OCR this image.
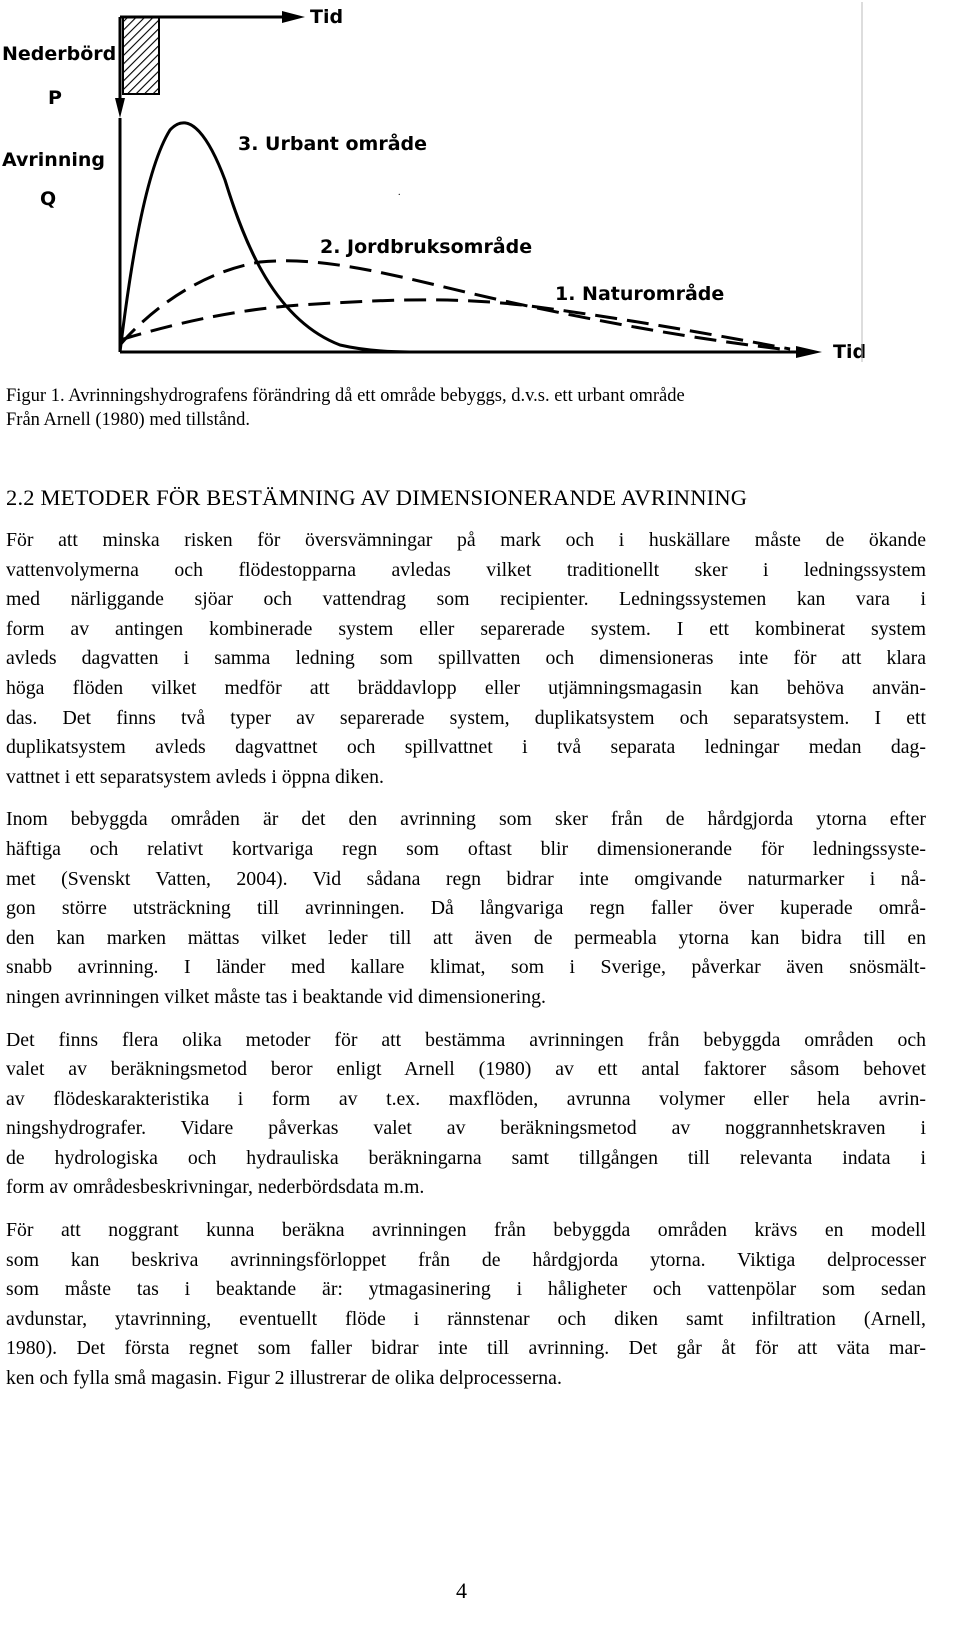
Tid
Nederbörd
P
Avrinning
Q
Tid
3. Urbant område
2. Jordbruksområde
.
1. Naturområde
Figur 1. Avrinningshydrografens förändring då ett område bebyggs, d.v.s. ett urbant område
Från Arnell (1980) med tillstånd.
2.2 METODER FÖR BESTÄMNING AV DIMENSIONERANDE AVRINNING

För att minska risken för översvämningar på mark och i huskällare måste de ökande
vattenvolymerna och flödestopparna avledas vilket traditionellt sker i ledningssystem
med närliggande sjöar och vattendrag som recipienter. Ledningssystemen kan vara i
form av antingen kombinerade system eller separerade system. I ett kombinerat system
avleds dagvatten i samma ledning som spillvatten och dimensioneras inte för att klara
höga flöden vilket medför att bräddavlopp eller utjämningsmagasin kan behöva använ-
das. Det finns två typer av separerade system, duplikatsystem och separatsystem. I ett
duplikatsystem avleds dagvattnet och spillvattnet i två separata ledningar medan dag-
vattnet i ett separatsystem avleds i öppna diken.

Inom bebyggda områden är det den avrinning som sker från de hårdgjorda ytorna efter
häftiga och relativt kortvariga regn som oftast blir dimensionerande för ledningssyste-
met (Svenskt Vatten, 2004). Vid sådana regn bidrar inte omgivande naturmarker i nå-
gon större utsträckning till avrinningen. Då långvariga regn faller över kuperade områ-
den kan marken mättas vilket leder till att även de permeabla ytorna kan bidra till en
snabb avrinning. I länder med kallare klimat, som i Sverige, påverkar även snösmält-
ningen avrinningen vilket måste tas i beaktande vid dimensionering.

Det finns flera olika metoder för att bestämma avrinningen från bebyggda områden och
valet av beräkningsmetod beror enligt Arnell (1980) av ett antal faktorer såsom behovet
av flödeskarakteristika i form av t.ex. maxflöden, avrunna volymer eller hela avrin-
ningshydrografer. Vidare påverkas valet av beräkningsmetod av noggrannhetskraven i
de hydrologiska och hydrauliska beräkningarna samt tillgången till relevanta indata i
form av områdesbeskrivningar, nederbördsdata m.m.

För att noggrant kunna beräkna avrinningen från bebyggda områden krävs en modell
som kan beskriva avrinningsförloppet från de hårdgjorda ytorna. Viktiga delprocesser
som måste tas i beaktande är: ytmagasinering i håligheter och vattenpölar som sedan
avdunstar, ytavrinning, eventuellt flöde i rännstenar och diken samt infiltration (Arnell,
1980). Det första regnet som faller bidrar inte till avrinning. Det går åt för att väta mar-
ken och fylla små magasin. Figur 2 illustrerar de olika delprocesserna.

4
